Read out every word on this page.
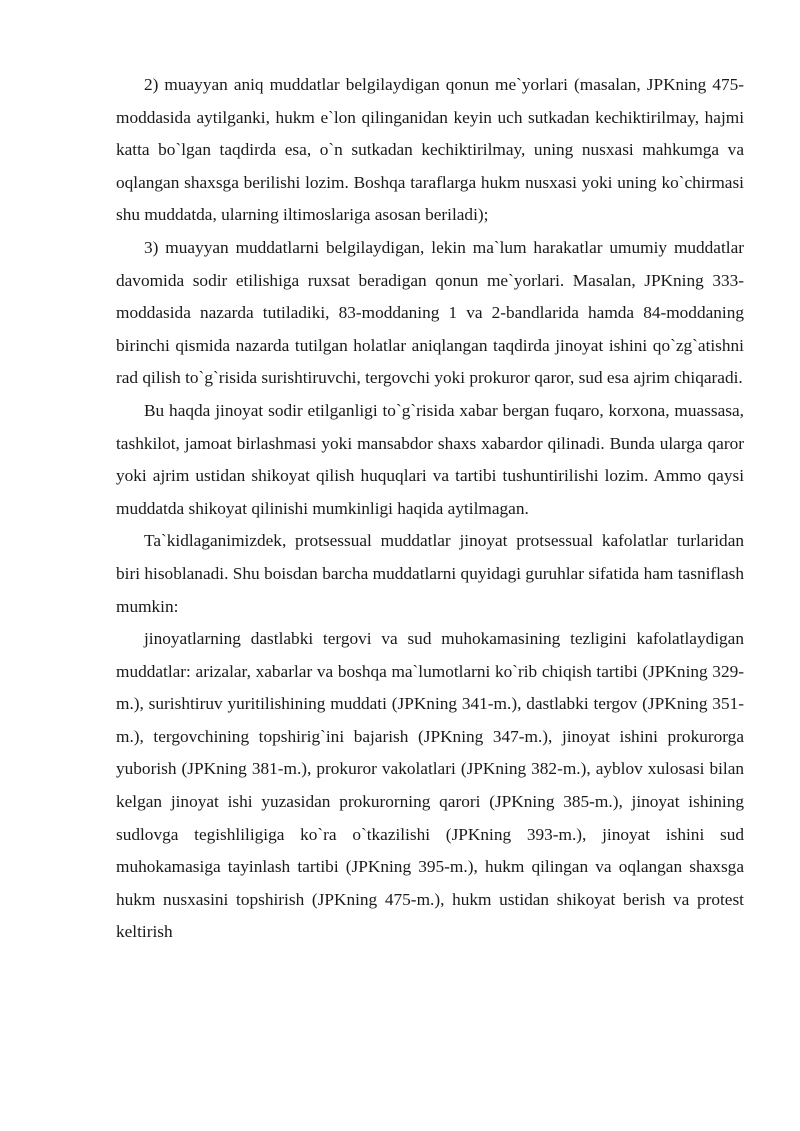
2) muayyan aniq muddatlar belgilaydigan qonun me`yorlari (masalan, JPKning 475-moddasida aytilganki, hukm e`lon qilinganidan keyin uch sutkadan kechiktirilmay, hajmi katta bo`lgan taqdirda esa, o`n sutkadan kechiktirilmay, uning nusxasi mahkumga va oqlangan shaxsga berilishi lozim. Boshqa taraflarga hukm nusxasi yoki uning ko`chirmasi shu muddatda, ularning iltimoslariga asosan beriladi);

3) muayyan muddatlarni belgilaydigan, lekin ma`lum harakatlar umumiy muddatlar davomida sodir etilishiga ruxsat beradigan qonun me`yorlari. Masalan, JPKning 333-moddasida nazarda tutiladiki, 83-moddaning 1 va 2-bandlarida hamda 84-moddaning birinchi qismida nazarda tutilgan holatlar aniqlangan taqdirda jinoyat ishini qo`zg`atishni rad qilish to`g`risida surishtiruvchi, tergovchi yoki prokuror qaror, sud esa ajrim chiqaradi.

Bu haqda jinoyat sodir etilganligi to`g`risida xabar bergan fuqaro, korxona, muassasa, tashkilot, jamoat birlashmasi yoki mansabdor shaxs xabardor qilinadi. Bunda ularga qaror yoki ajrim ustidan shikoyat qilish huquqlari va tartibi tushuntirilishi lozim. Ammo qaysi muddatda shikoyat qilinishi mumkinligi haqida aytilmagan.

Ta`kidlaganimizdek, protsessual muddatlar jinoyat protsessual kafolatlar turlaridan biri hisoblanadi. Shu boisdan barcha muddatlarni quyidagi guruhlar sifatida ham tasniflash mumkin:

jinoyatlarning dastlabki tergovi va sud muhokamasining tezligini kafolatlaydigan muddatlar: arizalar, xabarlar va boshqa ma`lumotlarni ko`rib chiqish tartibi (JPKning 329-m.), surishtiruv yuritilishining muddati (JPKning 341-m.), dastlabki tergov (JPKning 351-m.), tergovchining topshirig`ini bajarish (JPKning 347-m.), jinoyat ishini prokurorga yuborish (JPKning 381-m.), prokuror vakolatlari (JPKning 382-m.), ayblov xulosasi bilan kelgan jinoyat ishi yuzasidan prokurorning qarori (JPKning 385-m.), jinoyat ishining sudlovga tegishliligiga ko`ra o`tkazilishi (JPKning 393-m.), jinoyat ishini sud muhokamasiga tayinlash tartibi (JPKning 395-m.), hukm qilingan va oqlangan shaxsga hukm nusxasini topshirish (JPKning 475-m.), hukm ustidan shikoyat berish va protest keltirish
